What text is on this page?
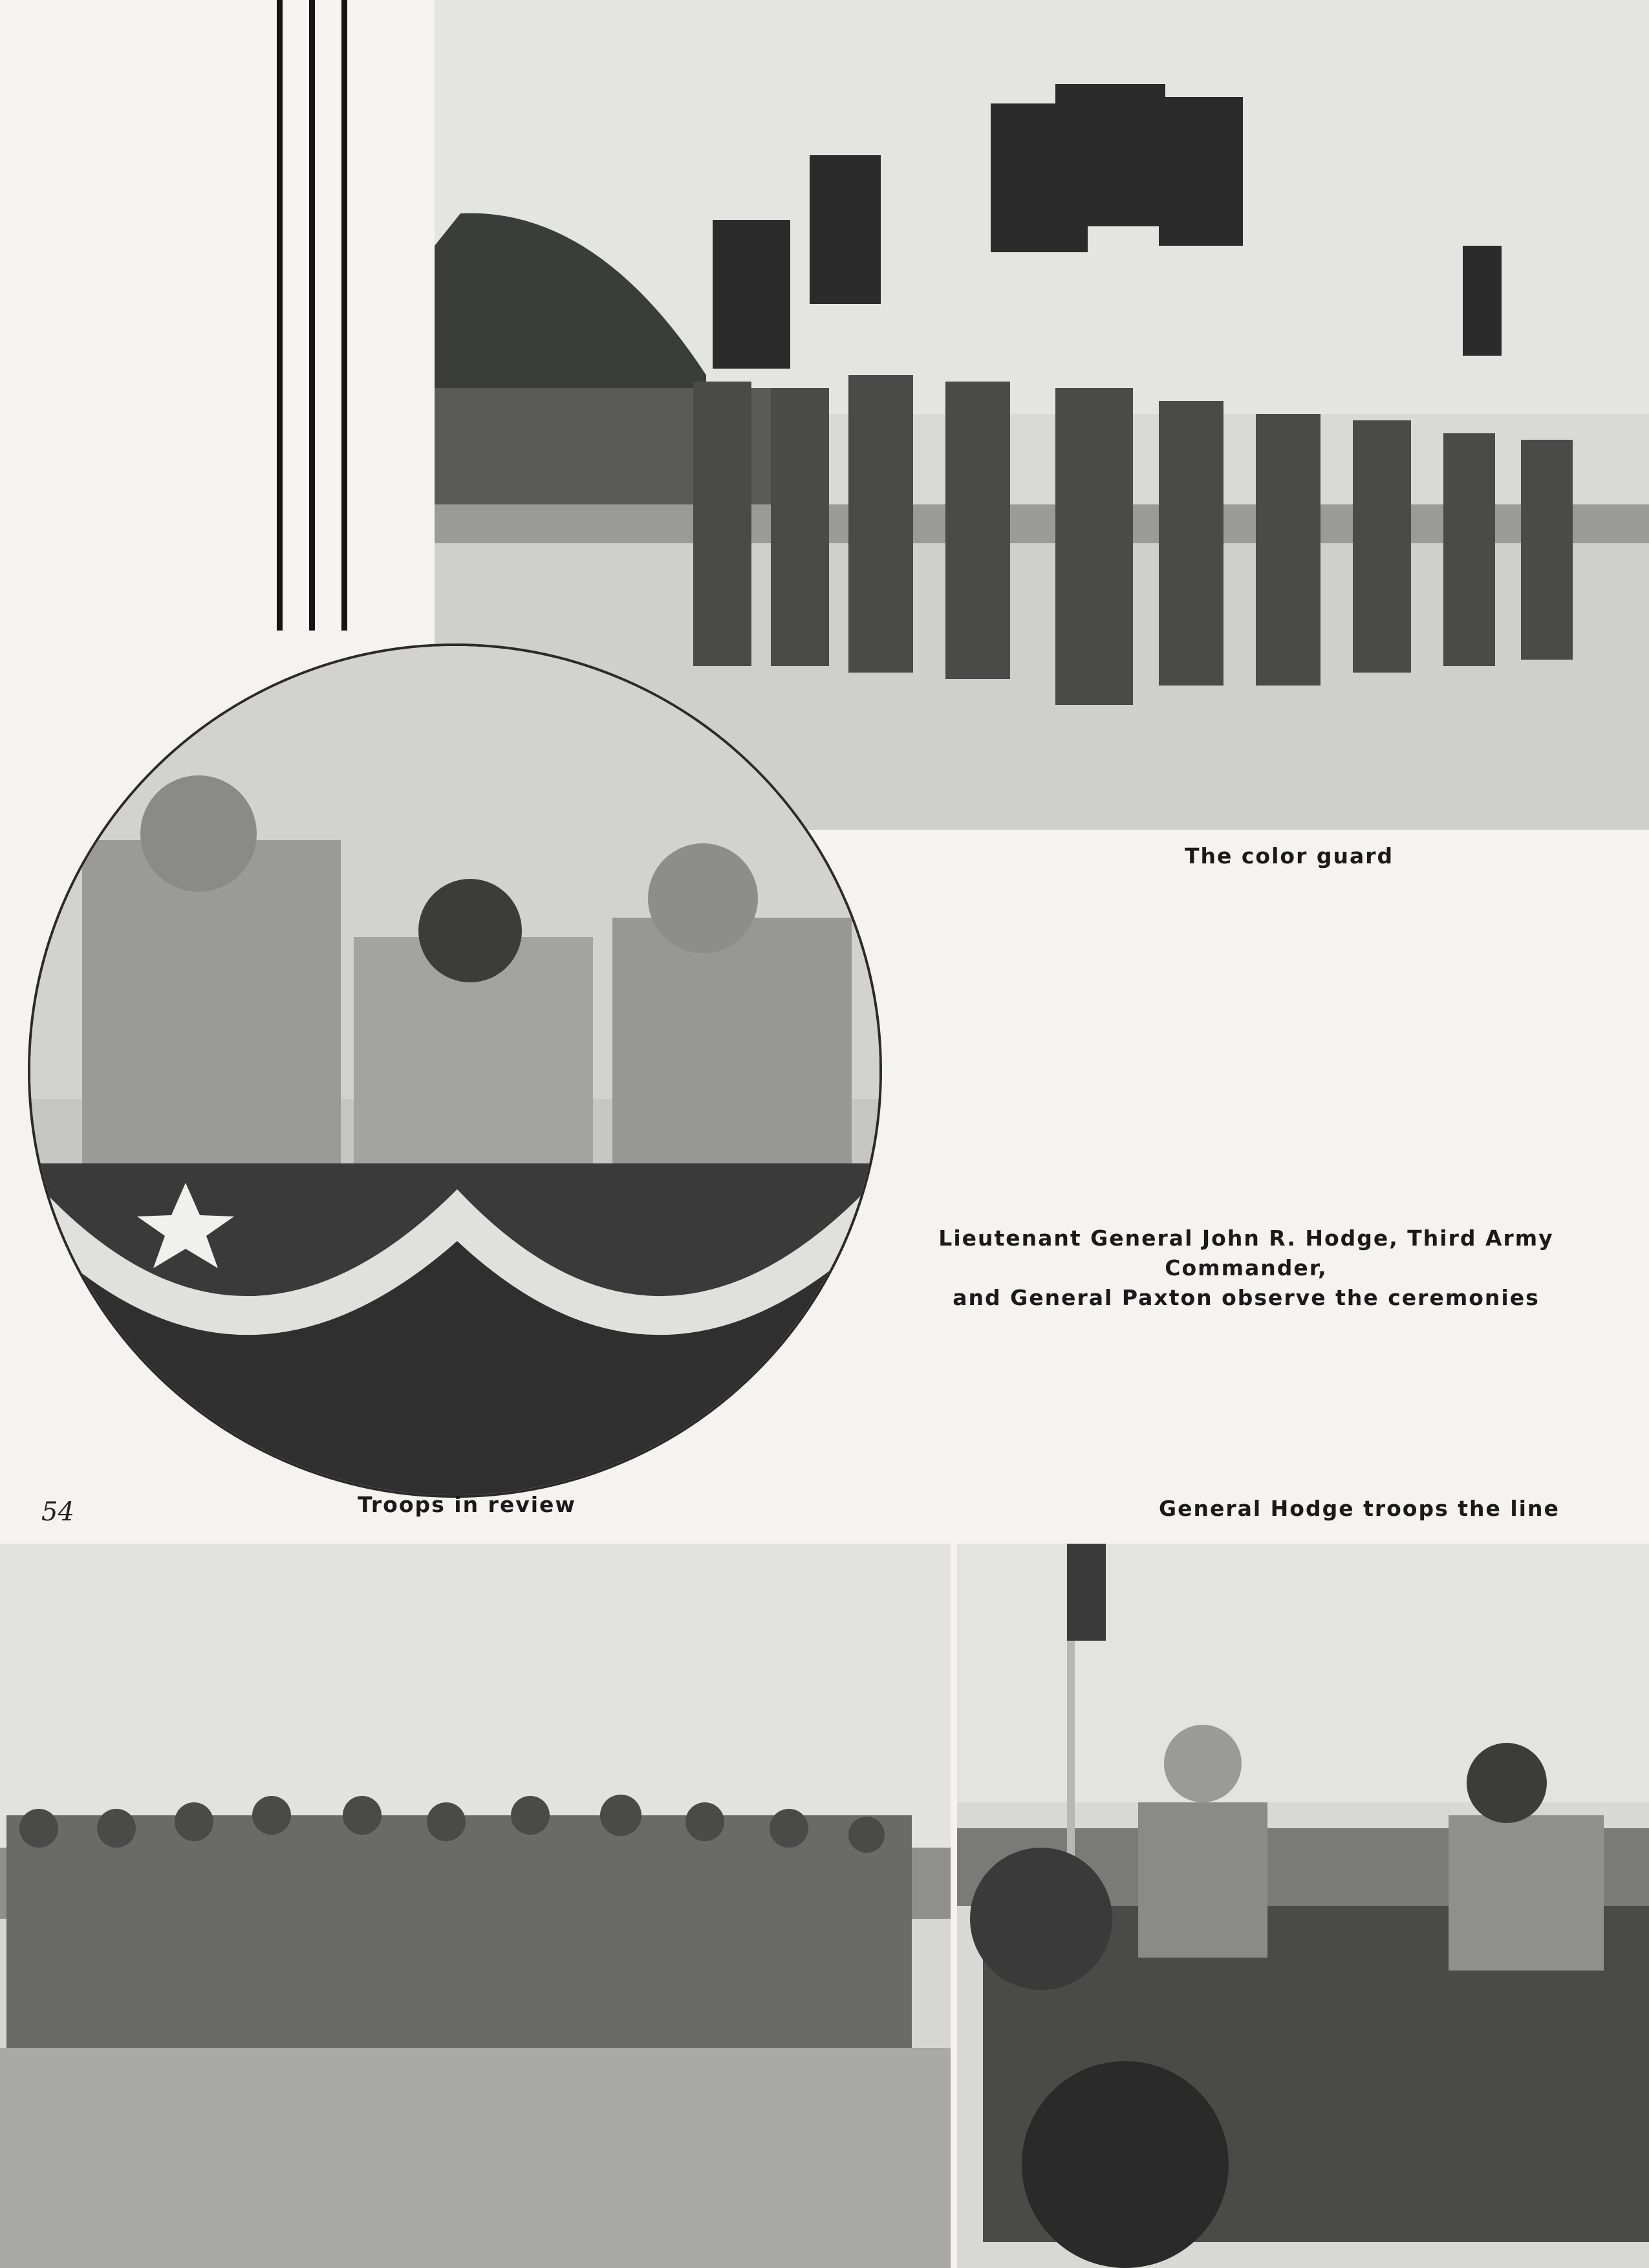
The color guard
Lieutenant General John R. Hodge, Third Army Commander,
and General Paxton observe the ceremonies
54	Troops in review	General Hodge troops the line
